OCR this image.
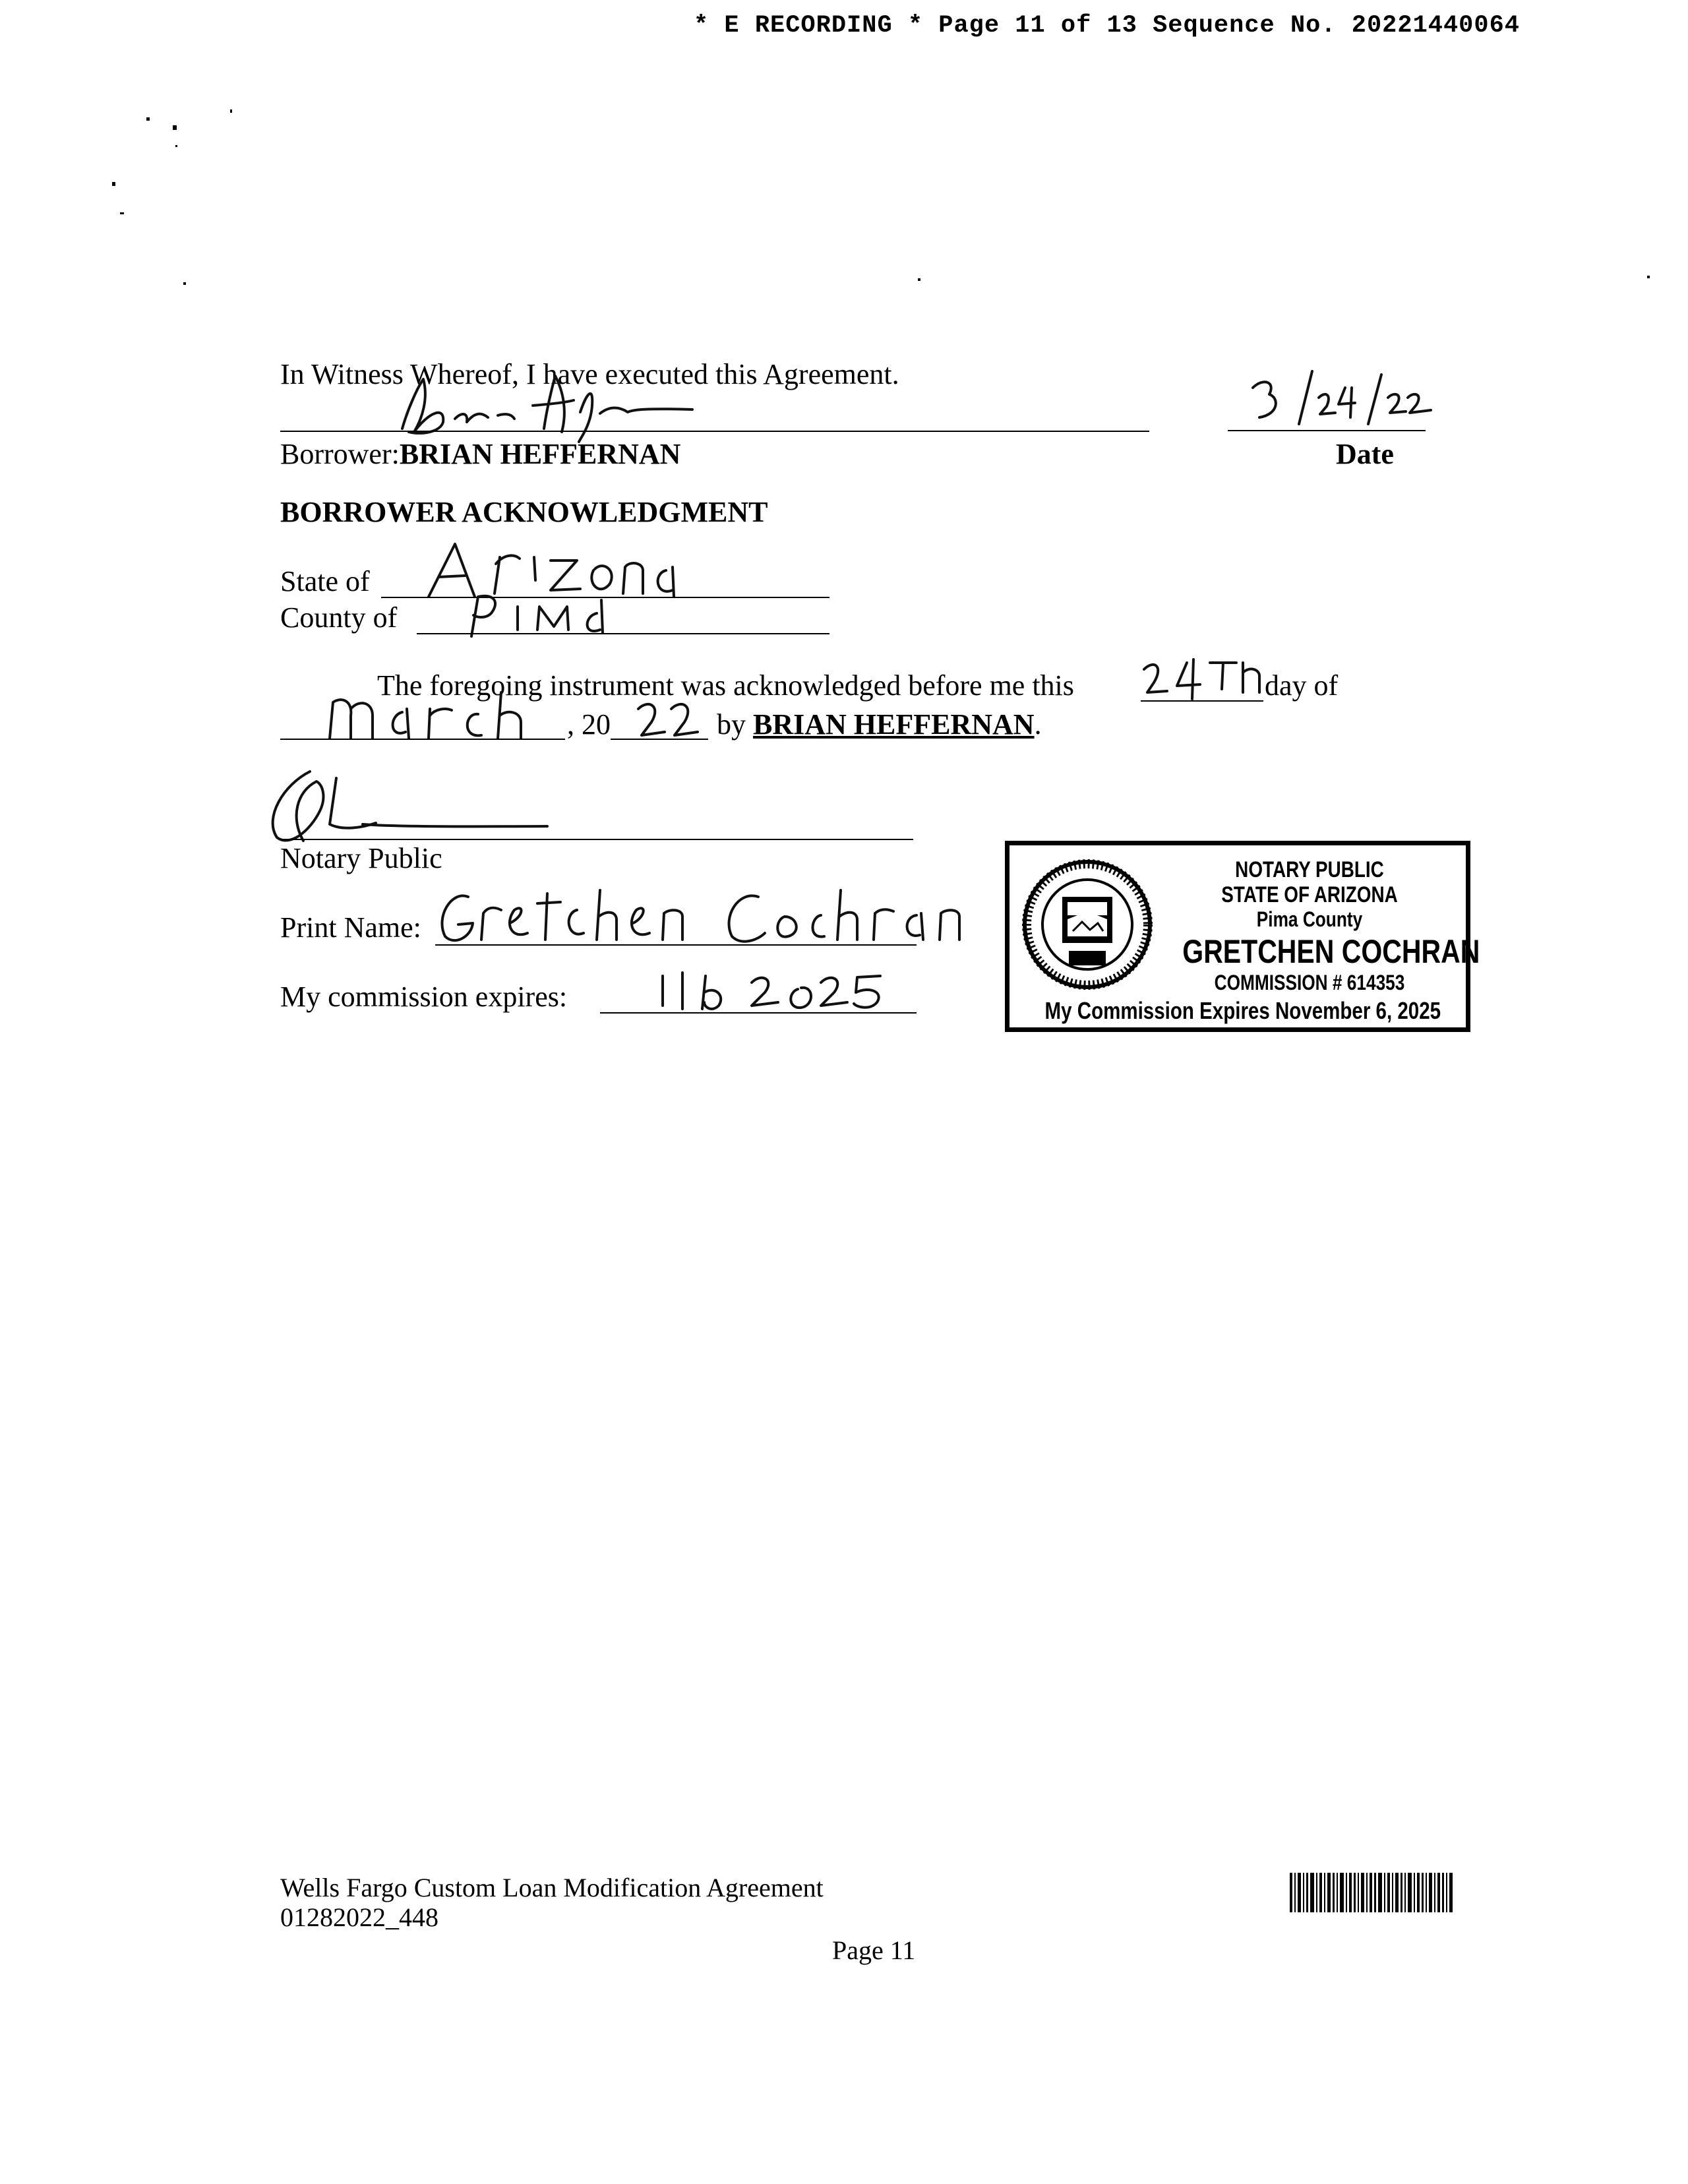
* E RECORDING * Page 11 of 13 Sequence No. 20221440064
In Witness Whereof, I have executed this Agreement.
Borrower:BRIAN HEFFERNAN	Date
BORROWER ACKNOWLEDGMENT
State of
County of
The foregoing instrument was acknowledged before me this	day of
, 20	by BRIAN HEFFERNAN.
Notary Public
Print Name:
My commission expires:
NOTARY PUBLIC
STATE OF ARIZONA
Pima County
GRETCHEN COCHRAN
COMMISSION # 614353
My Commission Expires November 6, 2025
Wells Fargo Custom Loan Modification Agreement
01282022_448
Page 11
